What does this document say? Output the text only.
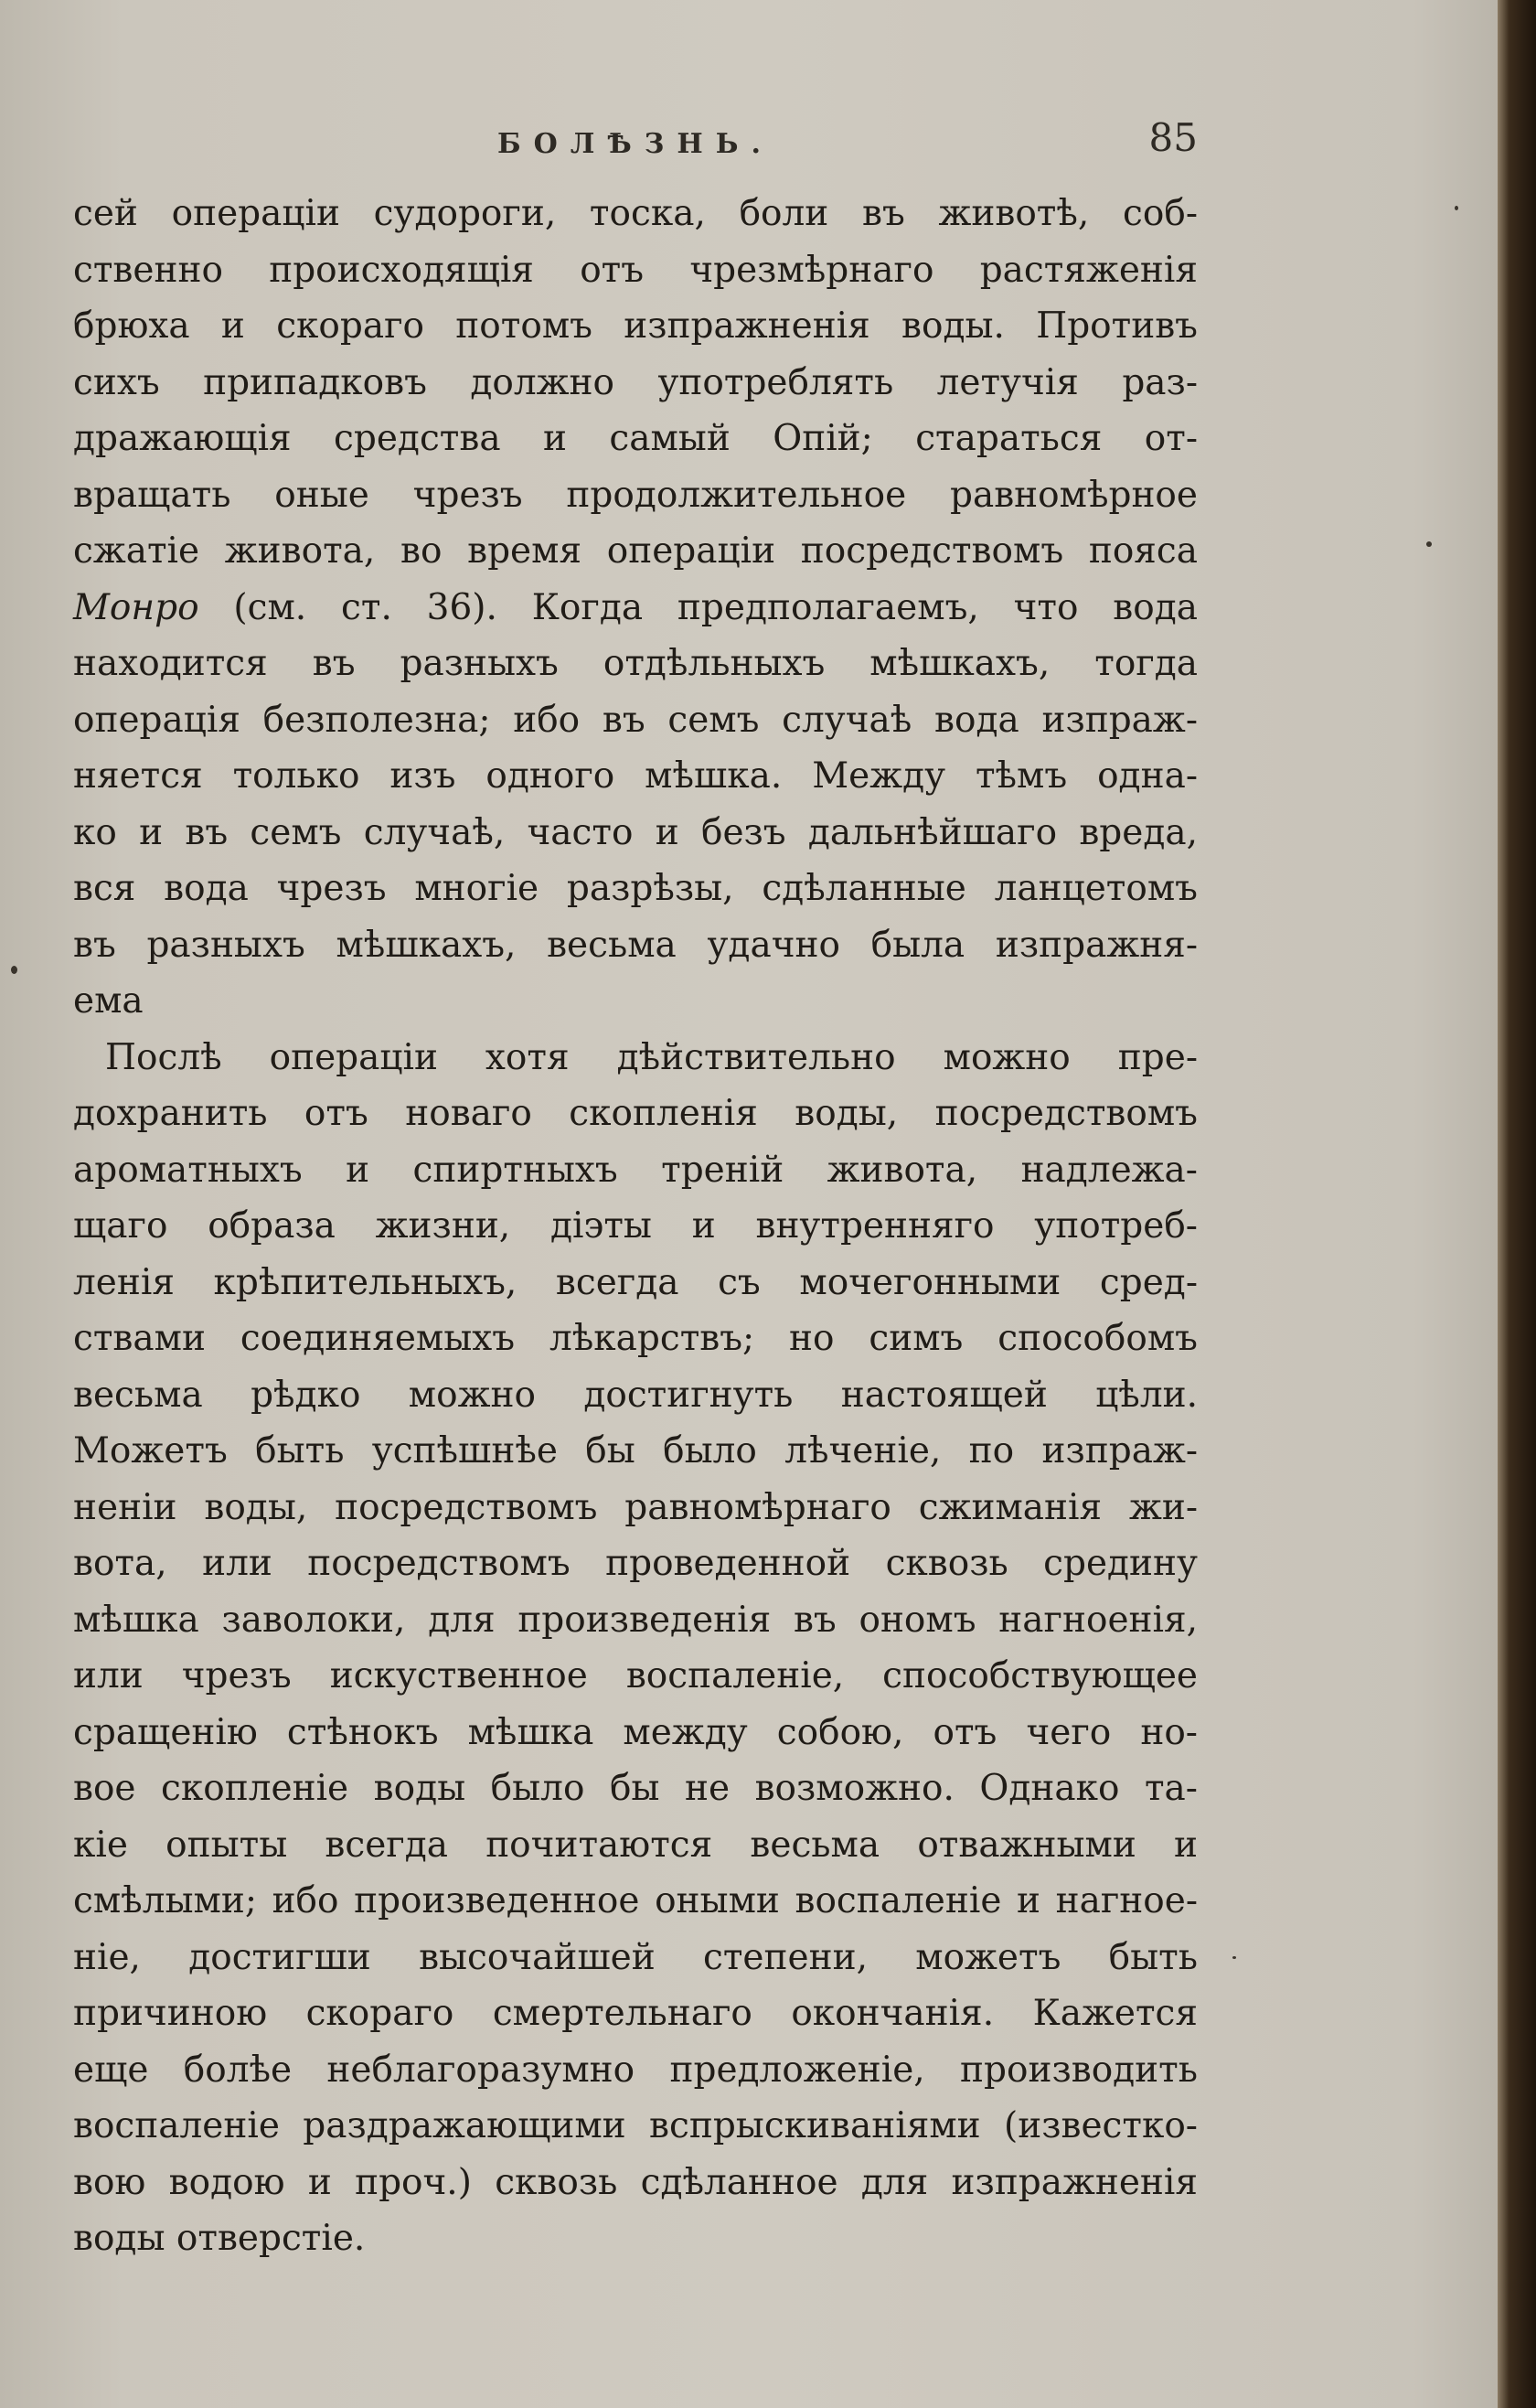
БОЛѢЗНЬ.	85
сей операціи судороги, тоска, боли въ животѣ, соб-
ственно происходящія отъ чрезмѣрнаго растяженія
брюха и скораго потомъ изпражненія воды. Противъ
сихъ припадковъ должно употреблять летучія раз-
дражающія средства и самый Опій; стараться от-
вращать оные чрезъ продолжительное равномѣрное
сжатіе живота, во время операціи посредствомъ пояса
Монро (см. ст. 36). Когда предполагаемъ, что вода
находится въ разныхъ отдѣльныхъ мѣшкахъ, тогда
операція безполезна; ибо въ семъ случаѣ вода изпраж-
няется только изъ одного мѣшка. Между тѣмъ одна-
ко и въ семъ случаѣ, часто и безъ дальнѣйшаго вреда,
вся вода чрезъ многіе разрѣзы, сдѣланные ланцетомъ
въ разныхъ мѣшкахъ, весьма удачно была изпражня-
ема
Послѣ операціи хотя дѣйствительно можно пре-
дохранить отъ новаго скопленія воды, посредствомъ
ароматныхъ и спиртныхъ треній живота, надлежа-
щаго образа жизни, діэты и внутренняго употреб-
ленія крѣпительныхъ, всегда съ мочегонными сред-
ствами соединяемыхъ лѣкарствъ; но симъ способомъ
весьма рѣдко можно достигнуть настоящей цѣли.
Можетъ быть успѣшнѣе бы было лѣченіе, по изпраж-
неніи воды, посредствомъ равномѣрнаго сжиманія жи-
вота, или посредствомъ проведенной сквозь средину
мѣшка заволоки, для произведенія въ ономъ нагноенія,
или чрезъ искуственное воспаленіе, способствующее
сращенію стѣнокъ мѣшка между собою, отъ чего но-
вое скопленіе воды было бы не возможно. Однако та-
кіе опыты всегда почитаются весьма отважными и
смѣлыми; ибо произведенное оными воспаленіе и нагное-
ніе, достигши высочайшей степени, можетъ быть
причиною скораго смертельнаго окончанія. Кажется
еще болѣе неблагоразумно предложеніе, производить
воспаленіе раздражающими вспрыскиваніями (известко-
вою водою и проч.) сквозь сдѣланное для изпражненія
воды отверстіе.
